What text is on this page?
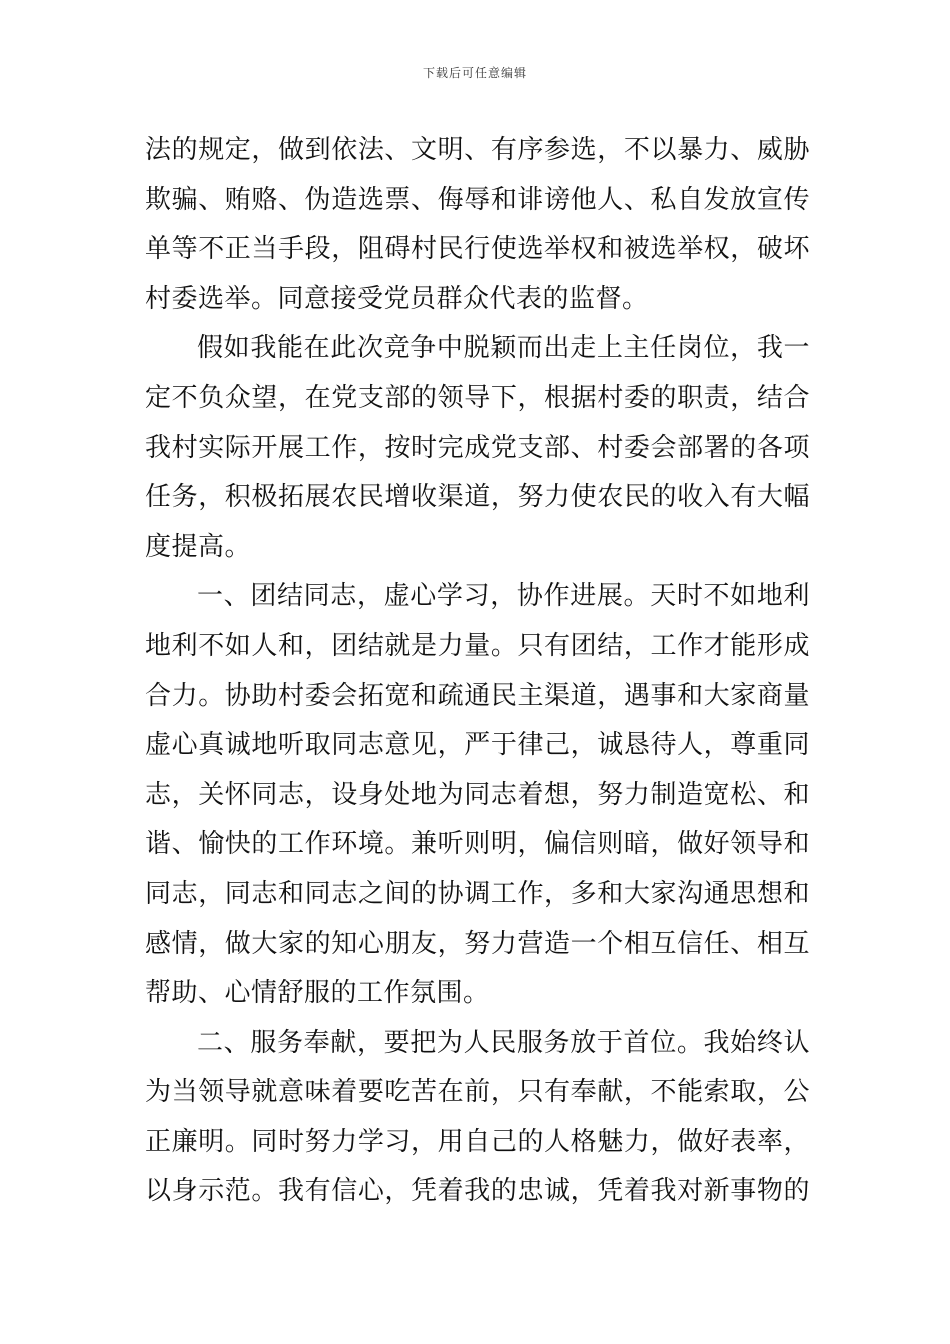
下载后可任意编辑
法的规定，做到依法、文明、有序参选，不以暴力、威胁
欺骗、贿赂、伪造选票、侮辱和诽谤他人、私自发放宣传
单等不正当手段，阻碍村民行使选举权和被选举权，破坏
村委选举。同意接受党员群众代表的监督。
假如我能在此次竞争中脱颖而出走上主任岗位，我一
定不负众望，在党支部的领导下，根据村委的职责，结合
我村实际开展工作，按时完成党支部、村委会部署的各项
任务，积极拓展农民增收渠道，努力使农民的收入有大幅
度提高。
一、团结同志，虚心学习，协作进展。天时不如地利
地利不如人和，团结就是力量。只有团结，工作才能形成
合力。协助村委会拓宽和疏通民主渠道，遇事和大家商量
虚心真诚地听取同志意见，严于律己，诚恳待人，尊重同
志，关怀同志，设身处地为同志着想，努力制造宽松、和
谐、愉快的工作环境。兼听则明，偏信则暗，做好领导和
同志，同志和同志之间的协调工作，多和大家沟通思想和
感情，做大家的知心朋友，努力营造一个相互信任、相互
帮助、心情舒服的工作氛围。
二、服务奉献，要把为人民服务放于首位。我始终认
为当领导就意味着要吃苦在前，只有奉献，不能索取，公
正廉明。同时努力学习，用自己的人格魅力，做好表率，
以身示范。我有信心，凭着我的忠诚，凭着我对新事物的
